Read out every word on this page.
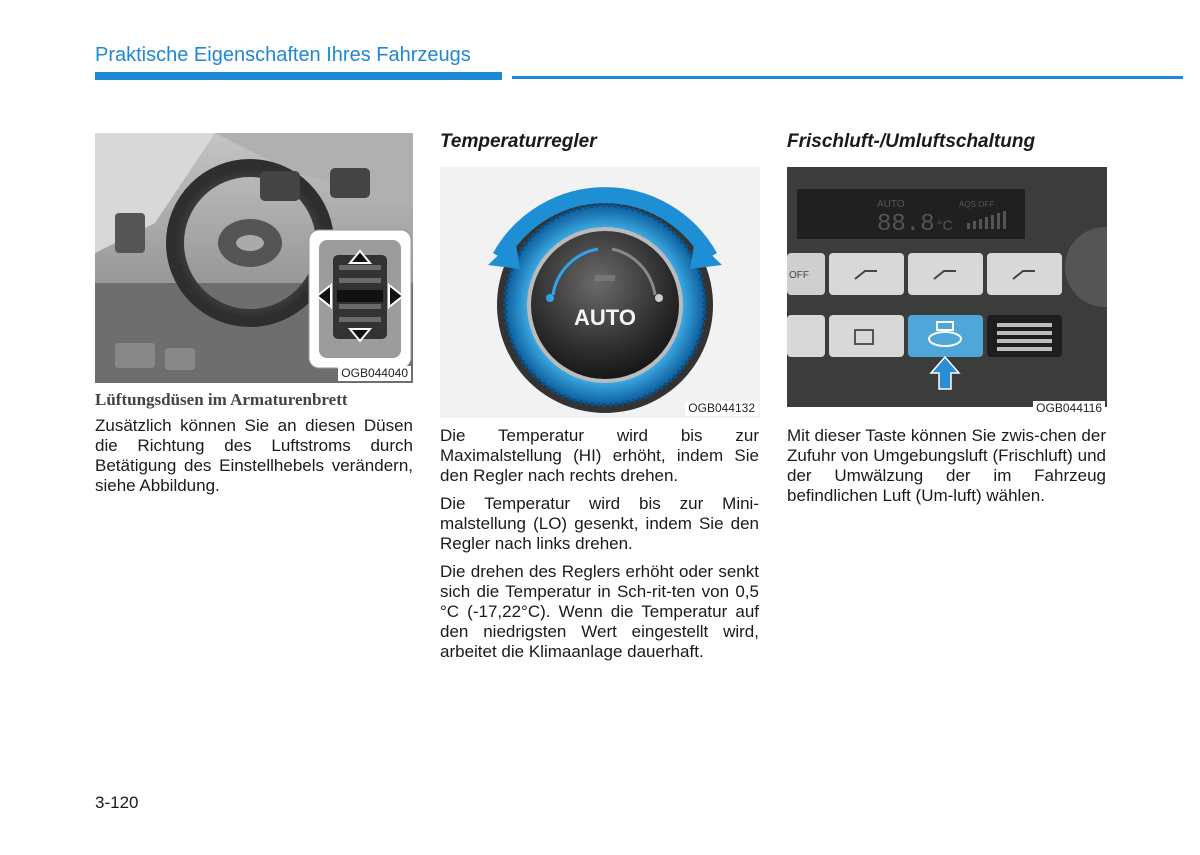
Praktische Eigenschaften Ihres Fahrzeugs
OGB044040
Lüftungsdüsen im Armaturenbrett

Zusätzlich können Sie an diesen Düsen die Richtung des Luftstroms durch Betätigung des Einstellhebels verändern, siehe Abbildung.

Temperaturregler
AUTO
OGB044132

Die Temperatur wird bis zur Maximalstellung (HI) erhöht, indem Sie den Regler nach rechts drehen.

Die Temperatur wird bis zur Mini-malstellung (LO) gesenkt, indem Sie den Regler nach links drehen.

Die drehen des Reglers erhöht oder senkt sich die Temperatur in Sch-rit-ten von 0,5 °C (-17,22°C). Wenn die Temperatur auf den niedrigsten Wert eingestellt wird, arbeitet die Klimaanlage dauerhaft.

Frischluft-/Umluftschaltung
88.8 °C
AUTO	AQS OFF
OFF
OGB044116

Mit dieser Taste können Sie zwis-chen der Zufuhr von Umgebungsluft (Frischluft) und der Umwälzung der im Fahrzeug befindlichen Luft (Um-luft) wählen.

3-120
